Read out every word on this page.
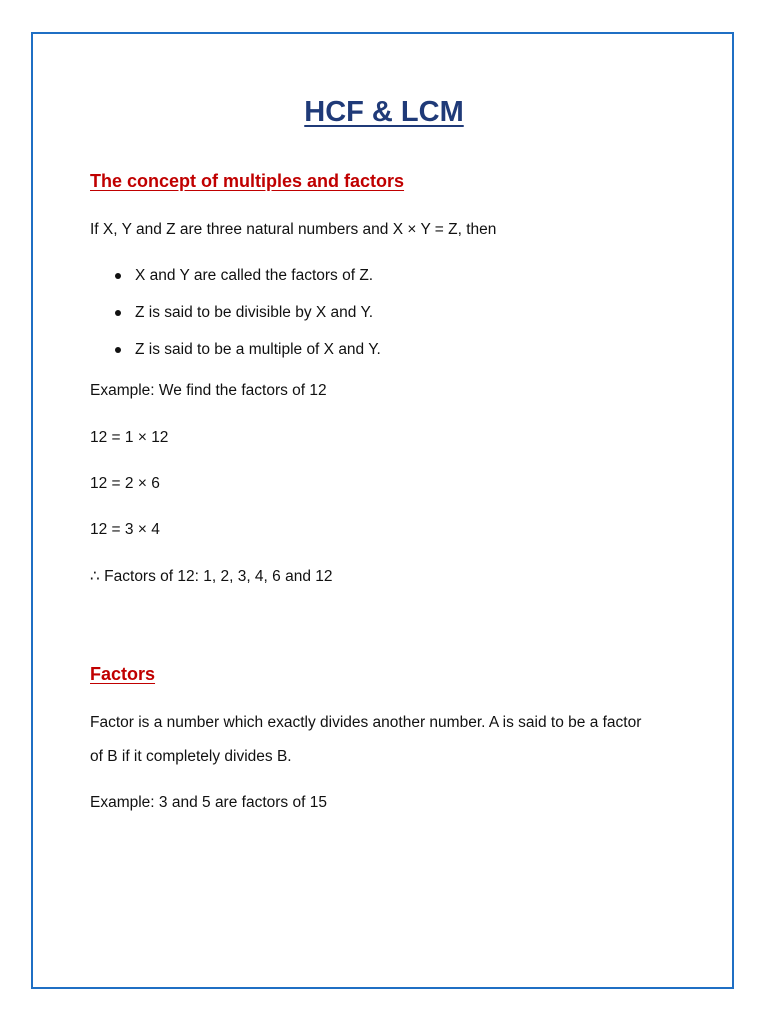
HCF & LCM
The concept of multiples and factors

If X, Y and Z are three natural numbers and X × Y = Z, then

X and Y are called the factors of Z.
Z is said to be divisible by X and Y.
Z is said to be a multiple of X and Y.

Example: We find the factors of 12

12 = 1 × 12

12 = 2 × 6

12 = 3 × 4

∴ Factors of 12: 1, 2, 3, 4, 6 and 12

Factors

Factor is a number which exactly divides another number. A is said to be a factor

of B if it completely divides B.

Example: 3 and 5 are factors of 15
